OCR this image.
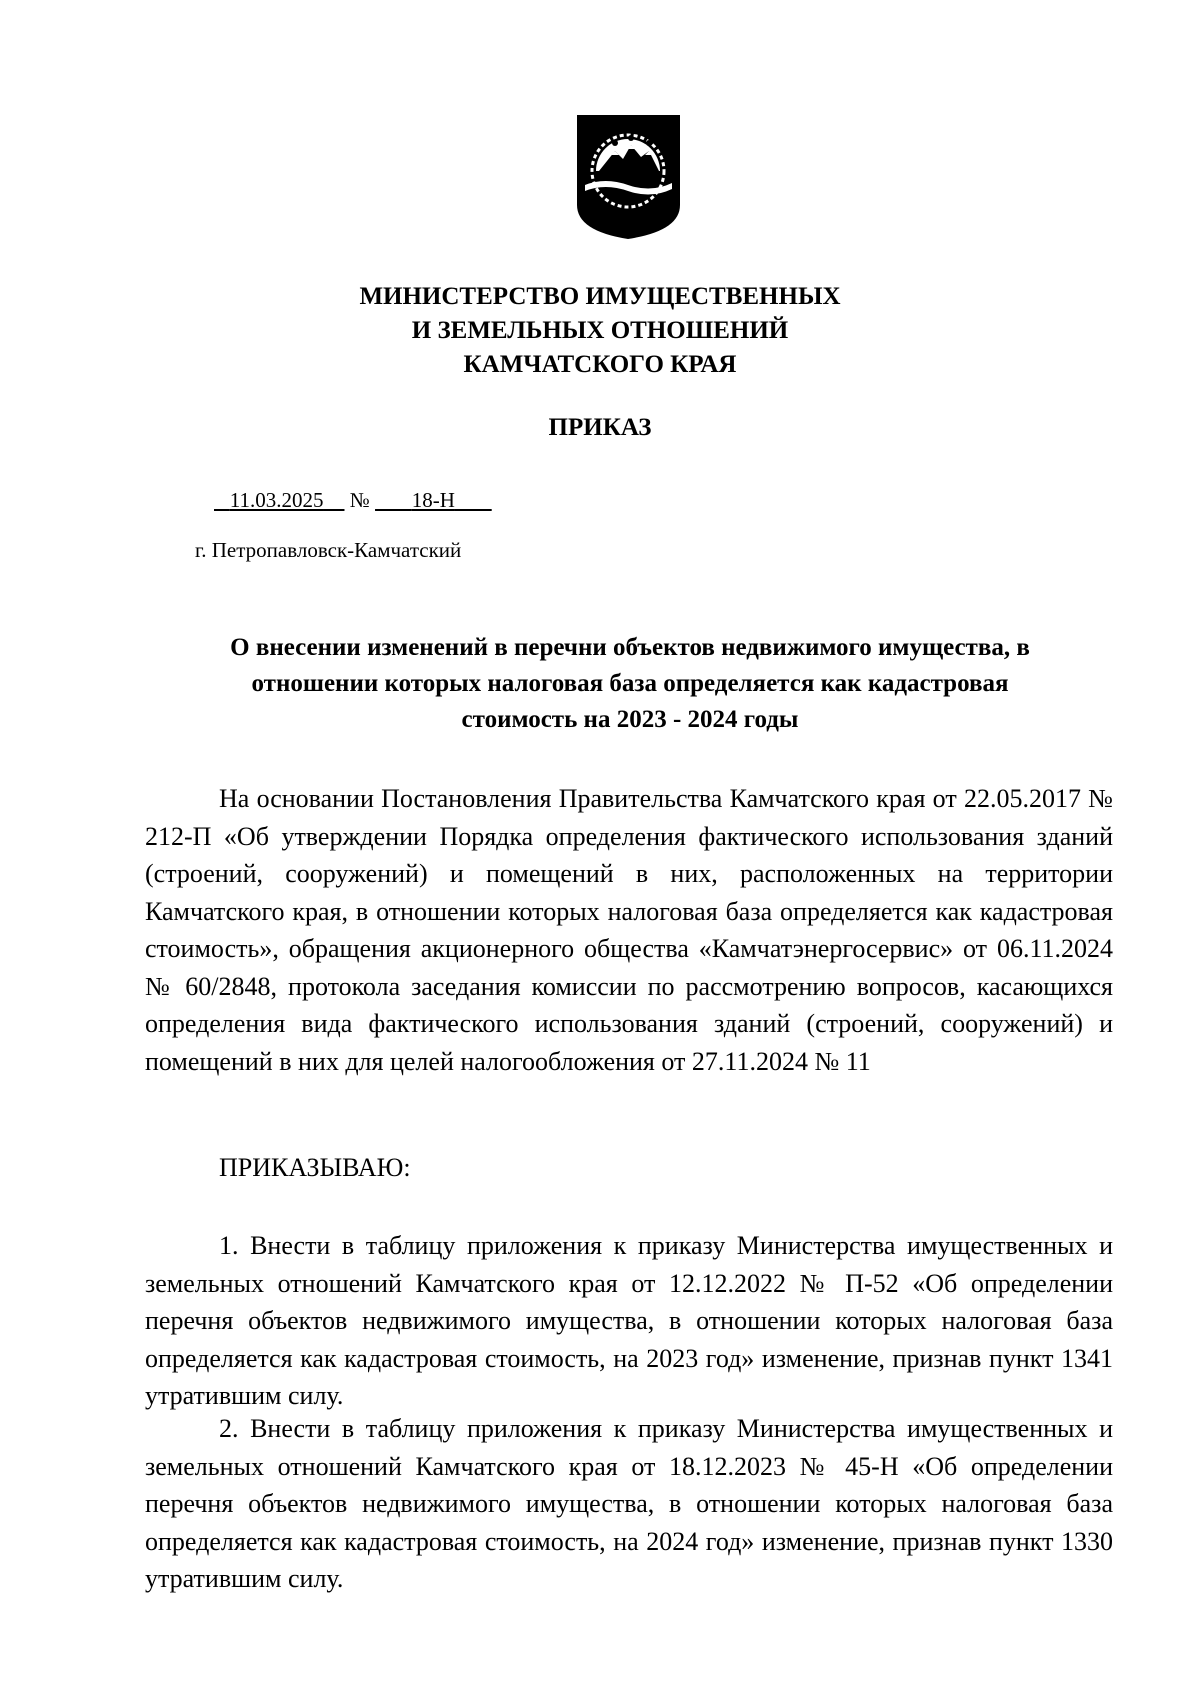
МИНИСТЕРСТВО ИМУЩЕСТВЕННЫХ
И ЗЕМЕЛЬНЫХ ОТНОШЕНИЙ
КАМЧАТСКОГО КРАЯ
ПРИКАЗ
11.03.2025 № 18-Н
г. Петропавловск-Камчатский
О внесении изменений в перечни объектов недвижимого имущества, в
отношении которых налоговая база определяется как кадастровая
стоимость на 2023 - 2024 годы
На основании Постановления Правительства Камчатского края от 22.05.2017 № 212-П «Об утверждении Порядка определения фактического использования зданий (строений, сооружений) и помещений в них, расположенных на территории Камчатского края, в отношении которых налоговая база определяется как кадастровая стоимость», обращения акционерного общества «Камчатэнергосервис» от 06.11.2024 № 60/2848, протокола заседания комиссии по рассмотрению вопросов, касающихся определения вида фактического использования зданий (строений, сооружений) и помещений в них для целей налогообложения от 27.11.2024 № 11
ПРИКАЗЫВАЮ:
1. Внести в таблицу приложения к приказу Министерства имущественных и земельных отношений Камчатского края от 12.12.2022 № П-52 «Об определении перечня объектов недвижимого имущества, в отношении которых налоговая база определяется как кадастровая стоимость, на 2023 год» изменение, признав пункт 1341 утратившим силу.
2. Внести в таблицу приложения к приказу Министерства имущественных и земельных отношений Камчатского края от 18.12.2023 № 45-Н «Об определении перечня объектов недвижимого имущества, в отношении которых налоговая база определяется как кадастровая стоимость, на 2024 год» изменение, признав пункт 1330 утратившим силу.
